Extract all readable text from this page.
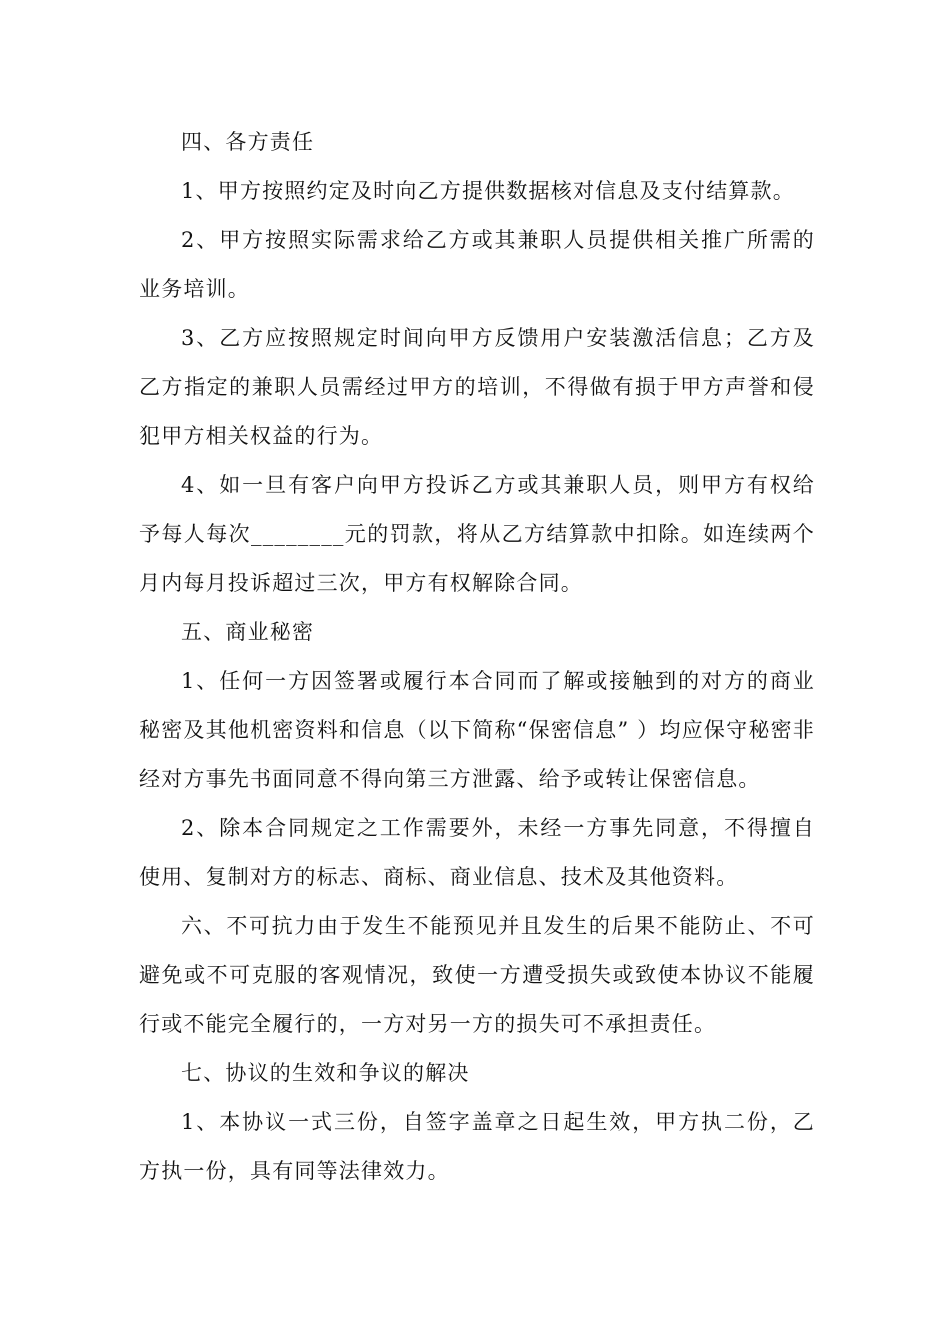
四、各方责任

1、甲方按照约定及时向乙方提供数据核对信息及支付结算款。

2、甲方按照实际需求给乙方或其兼职人员提供相关推广所需的业务培训。

3、乙方应按照规定时间向甲方反馈用户安装激活信息；乙方及乙方指定的兼职人员需经过甲方的培训，不得做有损于甲方声誉和侵犯甲方相关权益的行为。

4、如一旦有客户向甲方投诉乙方或其兼职人员，则甲方有权给予每人每次________元的罚款，将从乙方结算款中扣除。如连续两个月内每月投诉超过三次，甲方有权解除合同。

五、商业秘密

1、任何一方因签署或履行本合同而了解或接触到的对方的商业秘密及其他机密资料和信息（以下简称“保密信息” ）均应保守秘密非经对方事先书面同意不得向第三方泄露、给予或转让保密信息。

2、除本合同规定之工作需要外，未经一方事先同意，不得擅自使用、复制对方的标志、商标、商业信息、技术及其他资料。

六、不可抗力由于发生不能预见并且发生的后果不能防止、不可避免或不可克服的客观情况，致使一方遭受损失或致使本协议不能履行或不能完全履行的，一方对另一方的损失可不承担责任。

七、协议的生效和争议的解决

1、本协议一式三份，自签字盖章之日起生效，甲方执二份，乙方执一份，具有同等法律效力。
